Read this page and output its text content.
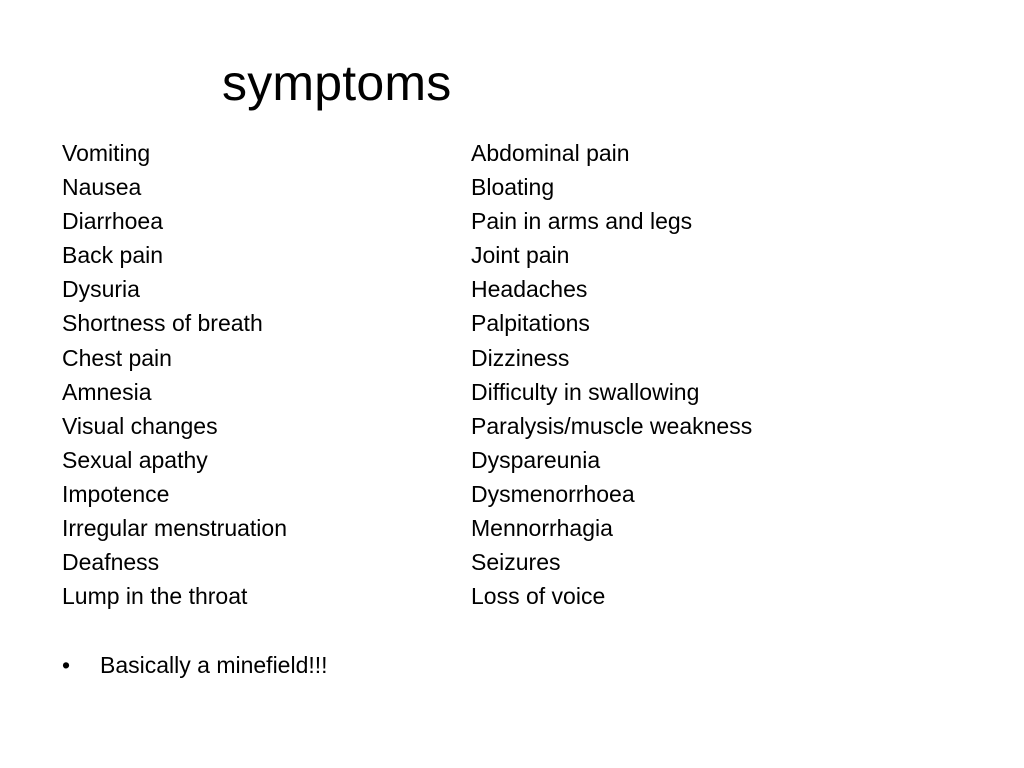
symptoms
Vomiting
Nausea
Diarrhoea
Back pain
Dysuria
Shortness of breath
Chest pain
Amnesia
Visual changes
Sexual apathy
Impotence
Irregular menstruation
Deafness
Lump in the throat
Abdominal pain
Bloating
Pain in arms and legs
Joint pain
Headaches
Palpitations
Dizziness
Difficulty in swallowing
Paralysis/muscle weakness
Dyspareunia
Dysmenorrhoea
Mennorrhagia
Seizures
Loss of voice
•	Basically a minefield!!!
